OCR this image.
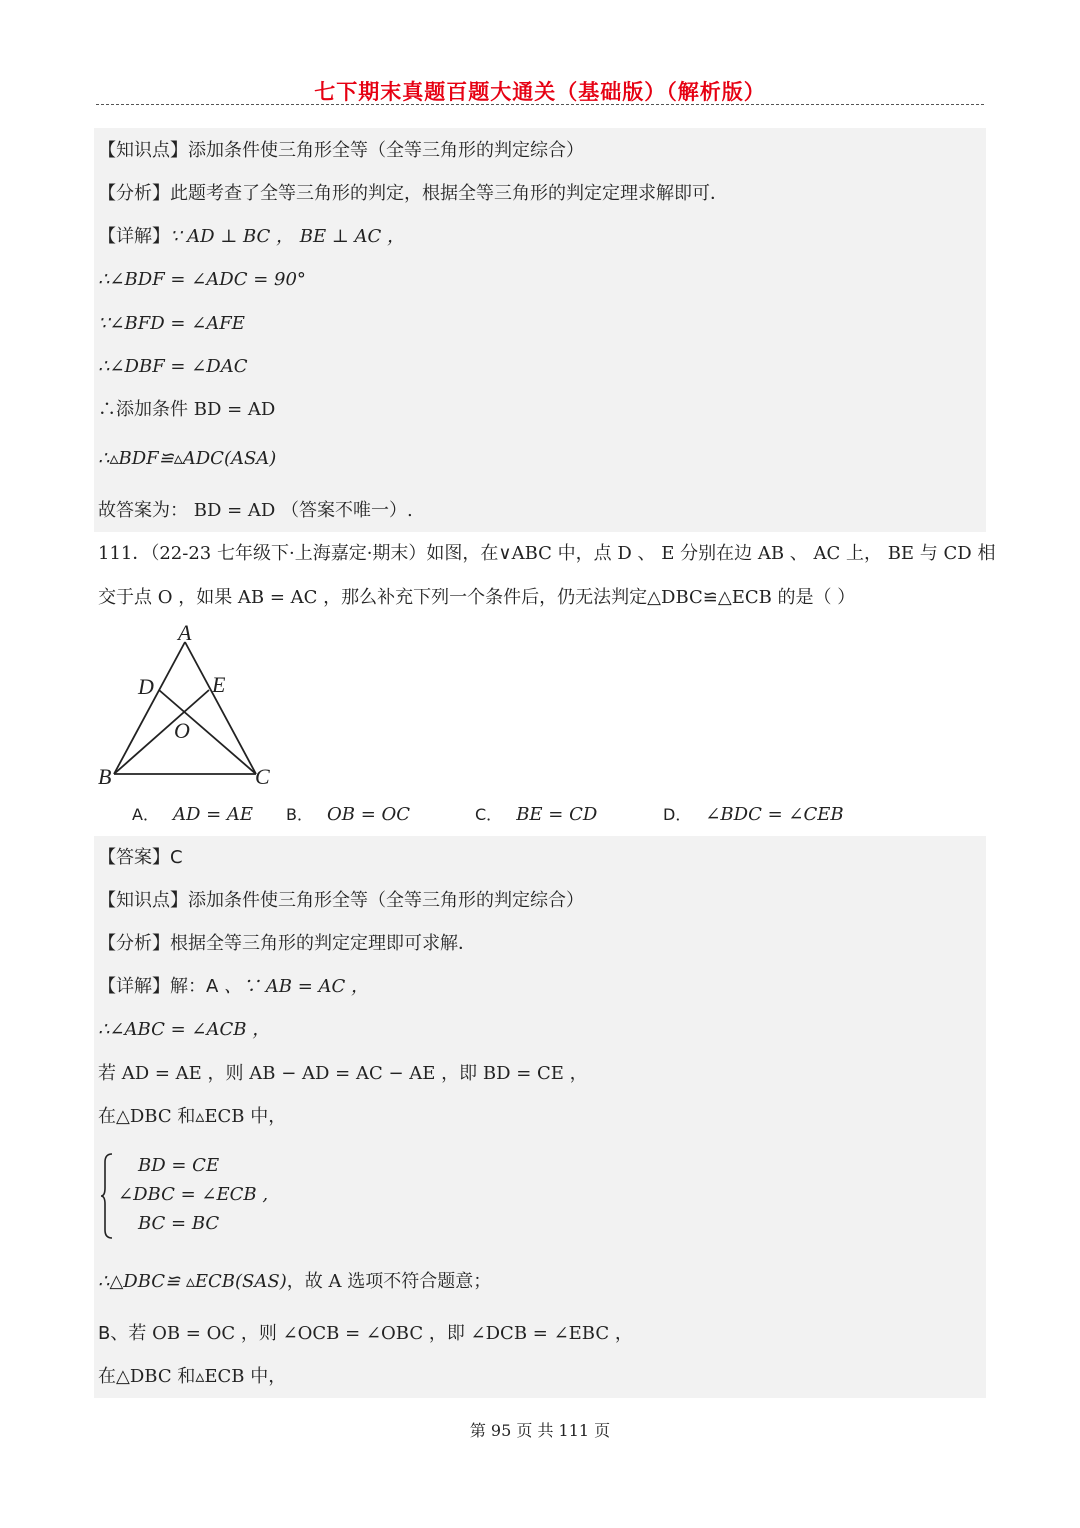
七下期末真题百题大通关（基础版）（解析版）
【知识点】添加条件使三角形全等（全等三角形的判定综合）
【分析】此题考查了全等三角形的判定，根据全等三角形的判定定理求解即可．
【详解】∵ AD ⊥ BC ， BE ⊥ AC ，
∴∠BDF = ∠ADC = 90°
∵∠BFD = ∠AFE
∴∠DBF = ∠DAC
∴添加条件 BD = AD
∴▵BDF≌▵ADC(ASA)
故答案为： BD = AD （答案不唯一）.
111．（22-23 七年级下·上海嘉定·期末）如图，在∨ABC 中，点 D 、 E 分别在边 AB 、 AC 上， BE 与 CD 相
交于点 O ，如果 AB = AC ，那么补充下列一个条件后，仍无法判定△DBC≌△ECB 的是（ ）
A
D	E
O
B	C
A． AD = AE B． OB = OC	C． BE = CD	D． ∠BDC = ∠CEB
【答案】C
【知识点】添加条件使三角形全等（全等三角形的判定综合）
【分析】根据全等三角形的判定定理即可求解．
【详解】解：A 、∵ AB = AC ，
∴∠ABC = ∠ACB ，
若 AD = AE ，则 AB − AD = AC − AE ，即 BD = CE ，
在△DBC 和▵ECB 中，
BD = CE
∠DBC = ∠ECB ,
BC = BC
∴△DBC≌ ▵ECB(SAS)，故 A 选项不符合题意；
B、若 OB = OC ，则 ∠OCB = ∠OBC ，即 ∠DCB = ∠EBC ，
在△DBC 和▵ECB 中，
第 95 页 共 111 页
